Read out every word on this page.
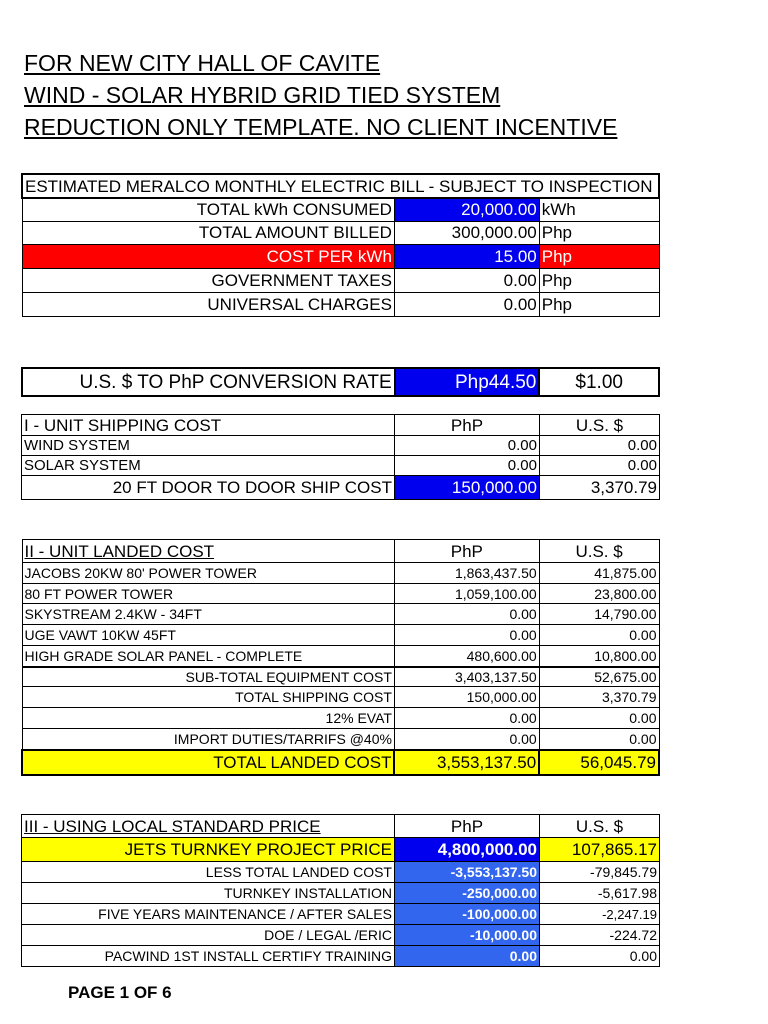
FOR NEW CITY HALL OF CAVITE
WIND - SOLAR HYBRID GRID TIED SYSTEM
REDUCTION ONLY TEMPLATE. NO CLIENT INCENTIVE
ESTIMATED MERALCO MONTHLY ELECTRIC BILL - SUBJECT TO INSPECTION		
TOTAL kWh CONSUMED	20,000.00	kWh
TOTAL AMOUNT BILLED	300,000.00	Php
COST PER kWh	15.00	Php
GOVERNMENT TAXES	0.00	Php
UNIVERSAL CHARGES	0.00	Php
U.S. $ TO PhP CONVERSION RATE	Php44.50	$1.00
I - UNIT SHIPPING COST	PhP	U.S. $
WIND SYSTEM	0.00	0.00
SOLAR SYSTEM	0.00	0.00
20 FT DOOR TO DOOR SHIP COST	150,000.00	3,370.79
II - UNIT LANDED COST	PhP	U.S. $
JACOBS 20KW 80' POWER TOWER	1,863,437.50	41,875.00
80 FT POWER TOWER	1,059,100.00	23,800.00
SKYSTREAM 2.4KW - 34FT	0.00	14,790.00
UGE VAWT 10KW 45FT	0.00	0.00
HIGH GRADE SOLAR PANEL - COMPLETE	480,600.00	10,800.00
SUB-TOTAL EQUIPMENT COST	3,403,137.50	52,675.00
TOTAL SHIPPING COST	150,000.00	3,370.79
12% EVAT	0.00	0.00
IMPORT DUTIES/TARRIFS @40%	0.00	0.00
TOTAL LANDED COST	3,553,137.50	56,045.79
III - USING LOCAL STANDARD PRICE	PhP	U.S. $
JETS TURNKEY PROJECT PRICE	4,800,000.00	107,865.17
LESS TOTAL LANDED COST	-3,553,137.50	-79,845.79
TURNKEY INSTALLATION	-250,000.00	-5,617.98
FIVE YEARS MAINTENANCE / AFTER SALES	-100,000.00	-2,247.19
DOE / LEGAL /ERIC	-10,000.00	-224.72
PACWIND 1ST INSTALL CERTIFY TRAINING	0.00	0.00
PAGE 1 OF 6
